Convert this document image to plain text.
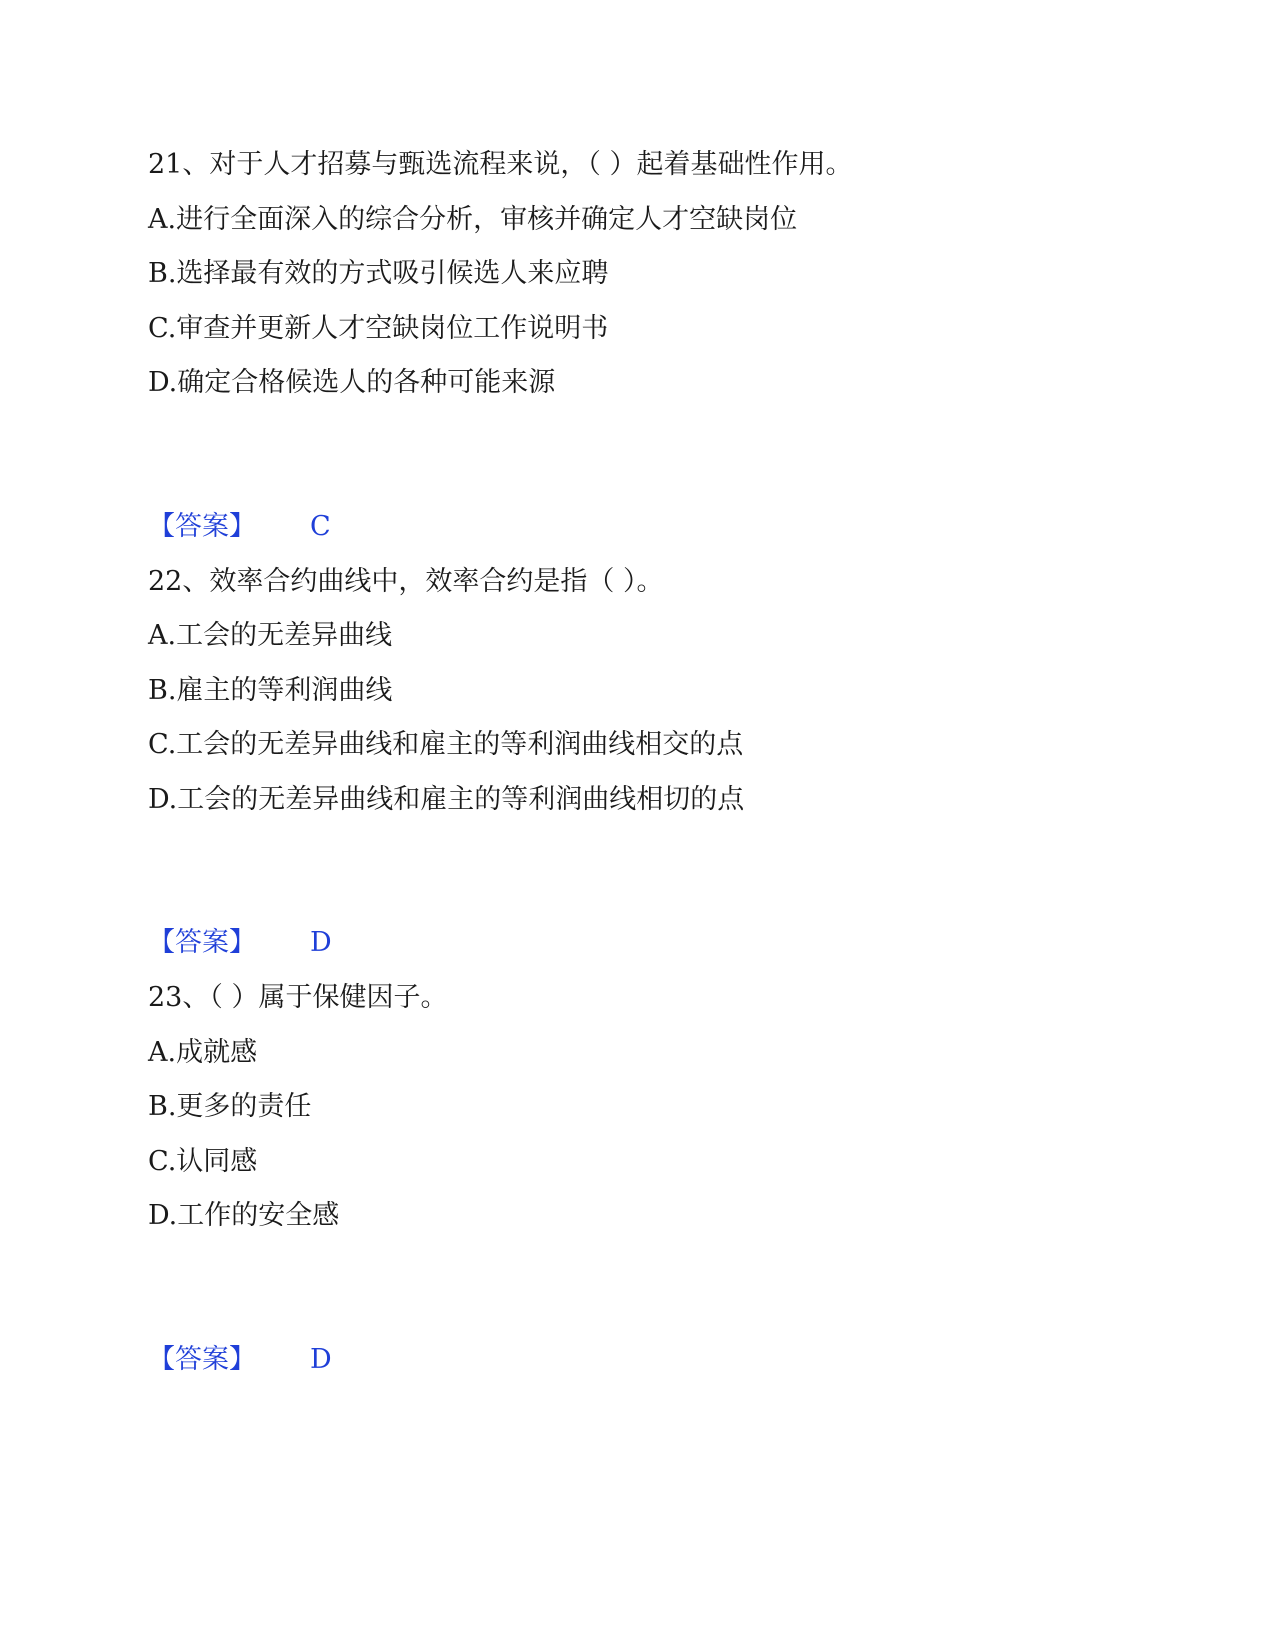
21、对于人才招募与甄选流程来说，（ ）起着基础性作用。
A.进行全面深入的综合分析，审核并确定人才空缺岗位
B.选择最有效的方式吸引候选人来应聘
C.审查并更新人才空缺岗位工作说明书
D.确定合格候选人的各种可能来源
【答案】 C
22、效率合约曲线中，效率合约是指（ ）。
A.工会的无差异曲线
B.雇主的等利润曲线
C.工会的无差异曲线和雇主的等利润曲线相交的点
D.工会的无差异曲线和雇主的等利润曲线相切的点
【答案】 D
23、（ ）属于保健因子。
A.成就感
B.更多的责任
C.认同感
D.工作的安全感
【答案】 D
